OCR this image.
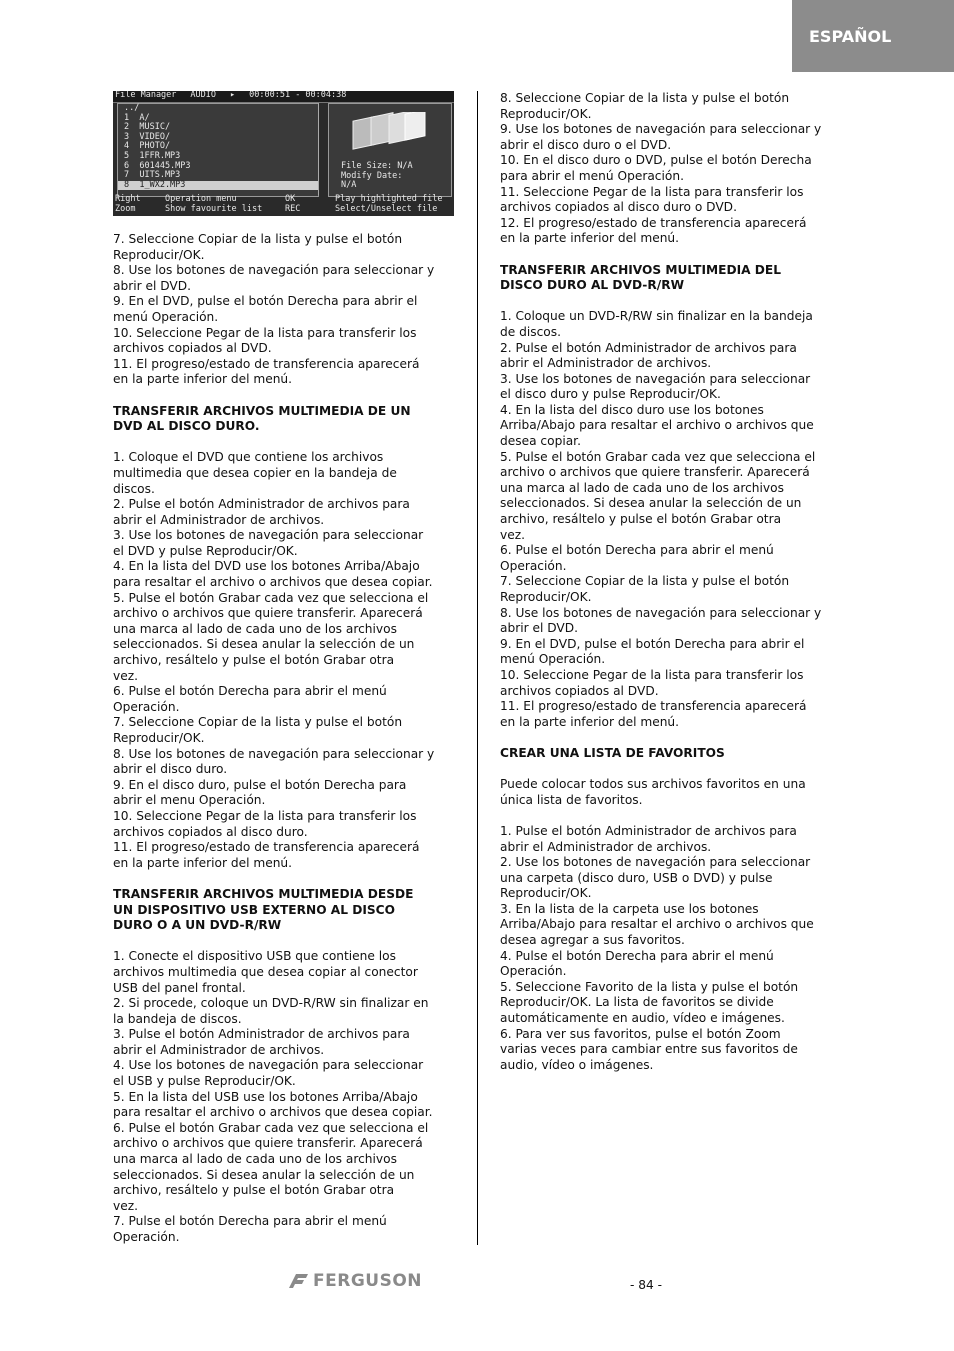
ESPAÑOL
File Manager AUDIO ▸ 00:00:51 - 00:04:38
../
1  A/
2  MUSIC/
3  VIDEO/
4  PHOTO/
5  1FFR.MP3
6  601445.MP3
7  UITS.MP3
8  1_WX2.MP3
File Size: N/A
Modify Date:
N/A
Right	Operation menu	OK	Play highlighted file
Zoom	Show favourite list	REC	Select/Unselect file

7. Seleccione Copiar de la lista y pulse el botón
Reproducir/OK.
8. Use los botones de navegación para seleccionar y
abrir el DVD.
9. En el DVD, pulse el botón Derecha para abrir el
menú Operación.
10. Seleccione Pegar de la lista para transferir los
archivos copiados al DVD.
11. El progreso/estado de transferencia aparecerá
en la parte inferior del menú.

TRANSFERIR ARCHIVOS MULTIMEDIA DE UN
DVD AL DISCO DURO.

1. Coloque el DVD que contiene los archivos
multimedia que desea copier en la bandeja de
discos.
2. Pulse el botón Administrador de archivos para
abrir el Administrador de archivos.
3. Use los botones de navegación para seleccionar
el DVD y pulse Reproducir/OK.
4. En la lista del DVD use los botones Arriba/Abajo
para resaltar el archivo o archivos que desea copiar.
5. Pulse el botón Grabar cada vez que selecciona el
archivo o archivos que quiere transferir. Aparecerá
una marca al lado de cada uno de los archivos
seleccionados. Si desea anular la selección de un
archivo, resáltelo y pulse el botón Grabar otra
vez.
6. Pulse el botón Derecha para abrir el menú
Operación.
7. Seleccione Copiar de la lista y pulse el botón
Reproducir/OK.
8. Use los botones de navegación para seleccionar y
abrir el disco duro.
9. En el disco duro, pulse el botón Derecha para
abrir el menu Operación.
10. Seleccione Pegar de la lista para transferir los
archivos copiados al disco duro.
11. El progreso/estado de transferencia aparecerá
en la parte inferior del menú.

TRANSFERIR ARCHIVOS MULTIMEDIA DESDE
UN DISPOSITIVO USB EXTERNO AL DISCO
DURO O A UN DVD-R/RW

1. Conecte el dispositivo USB que contiene los
archivos multimedia que desea copiar al conector
USB del panel frontal.
2. Si procede, coloque un DVD-R/RW sin finalizar en
la bandeja de discos.
3. Pulse el botón Administrador de archivos para
abrir el Administrador de archivos.
4. Use los botones de navegación para seleccionar
el USB y pulse Reproducir/OK.
5. En la lista del USB use los botones Arriba/Abajo
para resaltar el archivo o archivos que desea copiar.
6. Pulse el botón Grabar cada vez que selecciona el
archivo o archivos que quiere transferir. Aparecerá
una marca al lado de cada uno de los archivos
seleccionados. Si desea anular la selección de un
archivo, resáltelo y pulse el botón Grabar otra
vez.
7. Pulse el botón Derecha para abrir el menú
Operación.

8. Seleccione Copiar de la lista y pulse el botón
Reproducir/OK.
9. Use los botones de navegación para seleccionar y
abrir el disco duro o el DVD.
10. En el disco duro o DVD, pulse el botón Derecha
para abrir el menú Operación.
11. Seleccione Pegar de la lista para transferir los
archivos copiados al disco duro o DVD.
12. El progreso/estado de transferencia aparecerá
en la parte inferior del menú.

TRANSFERIR ARCHIVOS MULTIMEDIA DEL
DISCO DURO AL DVD-R/RW

1. Coloque un DVD-R/RW sin finalizar en la bandeja
de discos.
2. Pulse el botón Administrador de archivos para
abrir el Administrador de archivos.
3. Use los botones de navegación para seleccionar
el disco duro y pulse Reproducir/OK.
4. En la lista del disco duro use los botones
Arriba/Abajo para resaltar el archivo o archivos que
desea copiar.
5. Pulse el botón Grabar cada vez que selecciona el
archivo o archivos que quiere transferir. Aparecerá
una marca al lado de cada uno de los archivos
seleccionados. Si desea anular la selección de un
archivo, resáltelo y pulse el botón Grabar otra
vez.
6. Pulse el botón Derecha para abrir el menú
Operación.
7. Seleccione Copiar de la lista y pulse el botón
Reproducir/OK.
8. Use los botones de navegación para seleccionar y
abrir el DVD.
9. En el DVD, pulse el botón Derecha para abrir el
menú Operación.
10. Seleccione Pegar de la lista para transferir los
archivos copiados al DVD.
11. El progreso/estado de transferencia aparecerá
en la parte inferior del menú.

CREAR UNA LISTA DE FAVORITOS

Puede colocar todos sus archivos favoritos en una
única lista de favoritos.

1. Pulse el botón Administrador de archivos para
abrir el Administrador de archivos.
2. Use los botones de navegación para seleccionar
una carpeta (disco duro, USB o DVD) y pulse
Reproducir/OK.
3. En la lista de la carpeta use los botones
Arriba/Abajo para resaltar el archivo o archivos que
desea agregar a sus favoritos.
4. Pulse el botón Derecha para abrir el menú
Operación.
5. Seleccione Favorito de la lista y pulse el botón
Reproducir/OK. La lista de favoritos se divide
automáticamente en audio, vídeo e imágenes.
6. Para ver sus favoritos, pulse el botón Zoom
varias veces para cambiar entre sus favoritos de
audio, vídeo o imágenes.

FERGUSON	- 84 -
